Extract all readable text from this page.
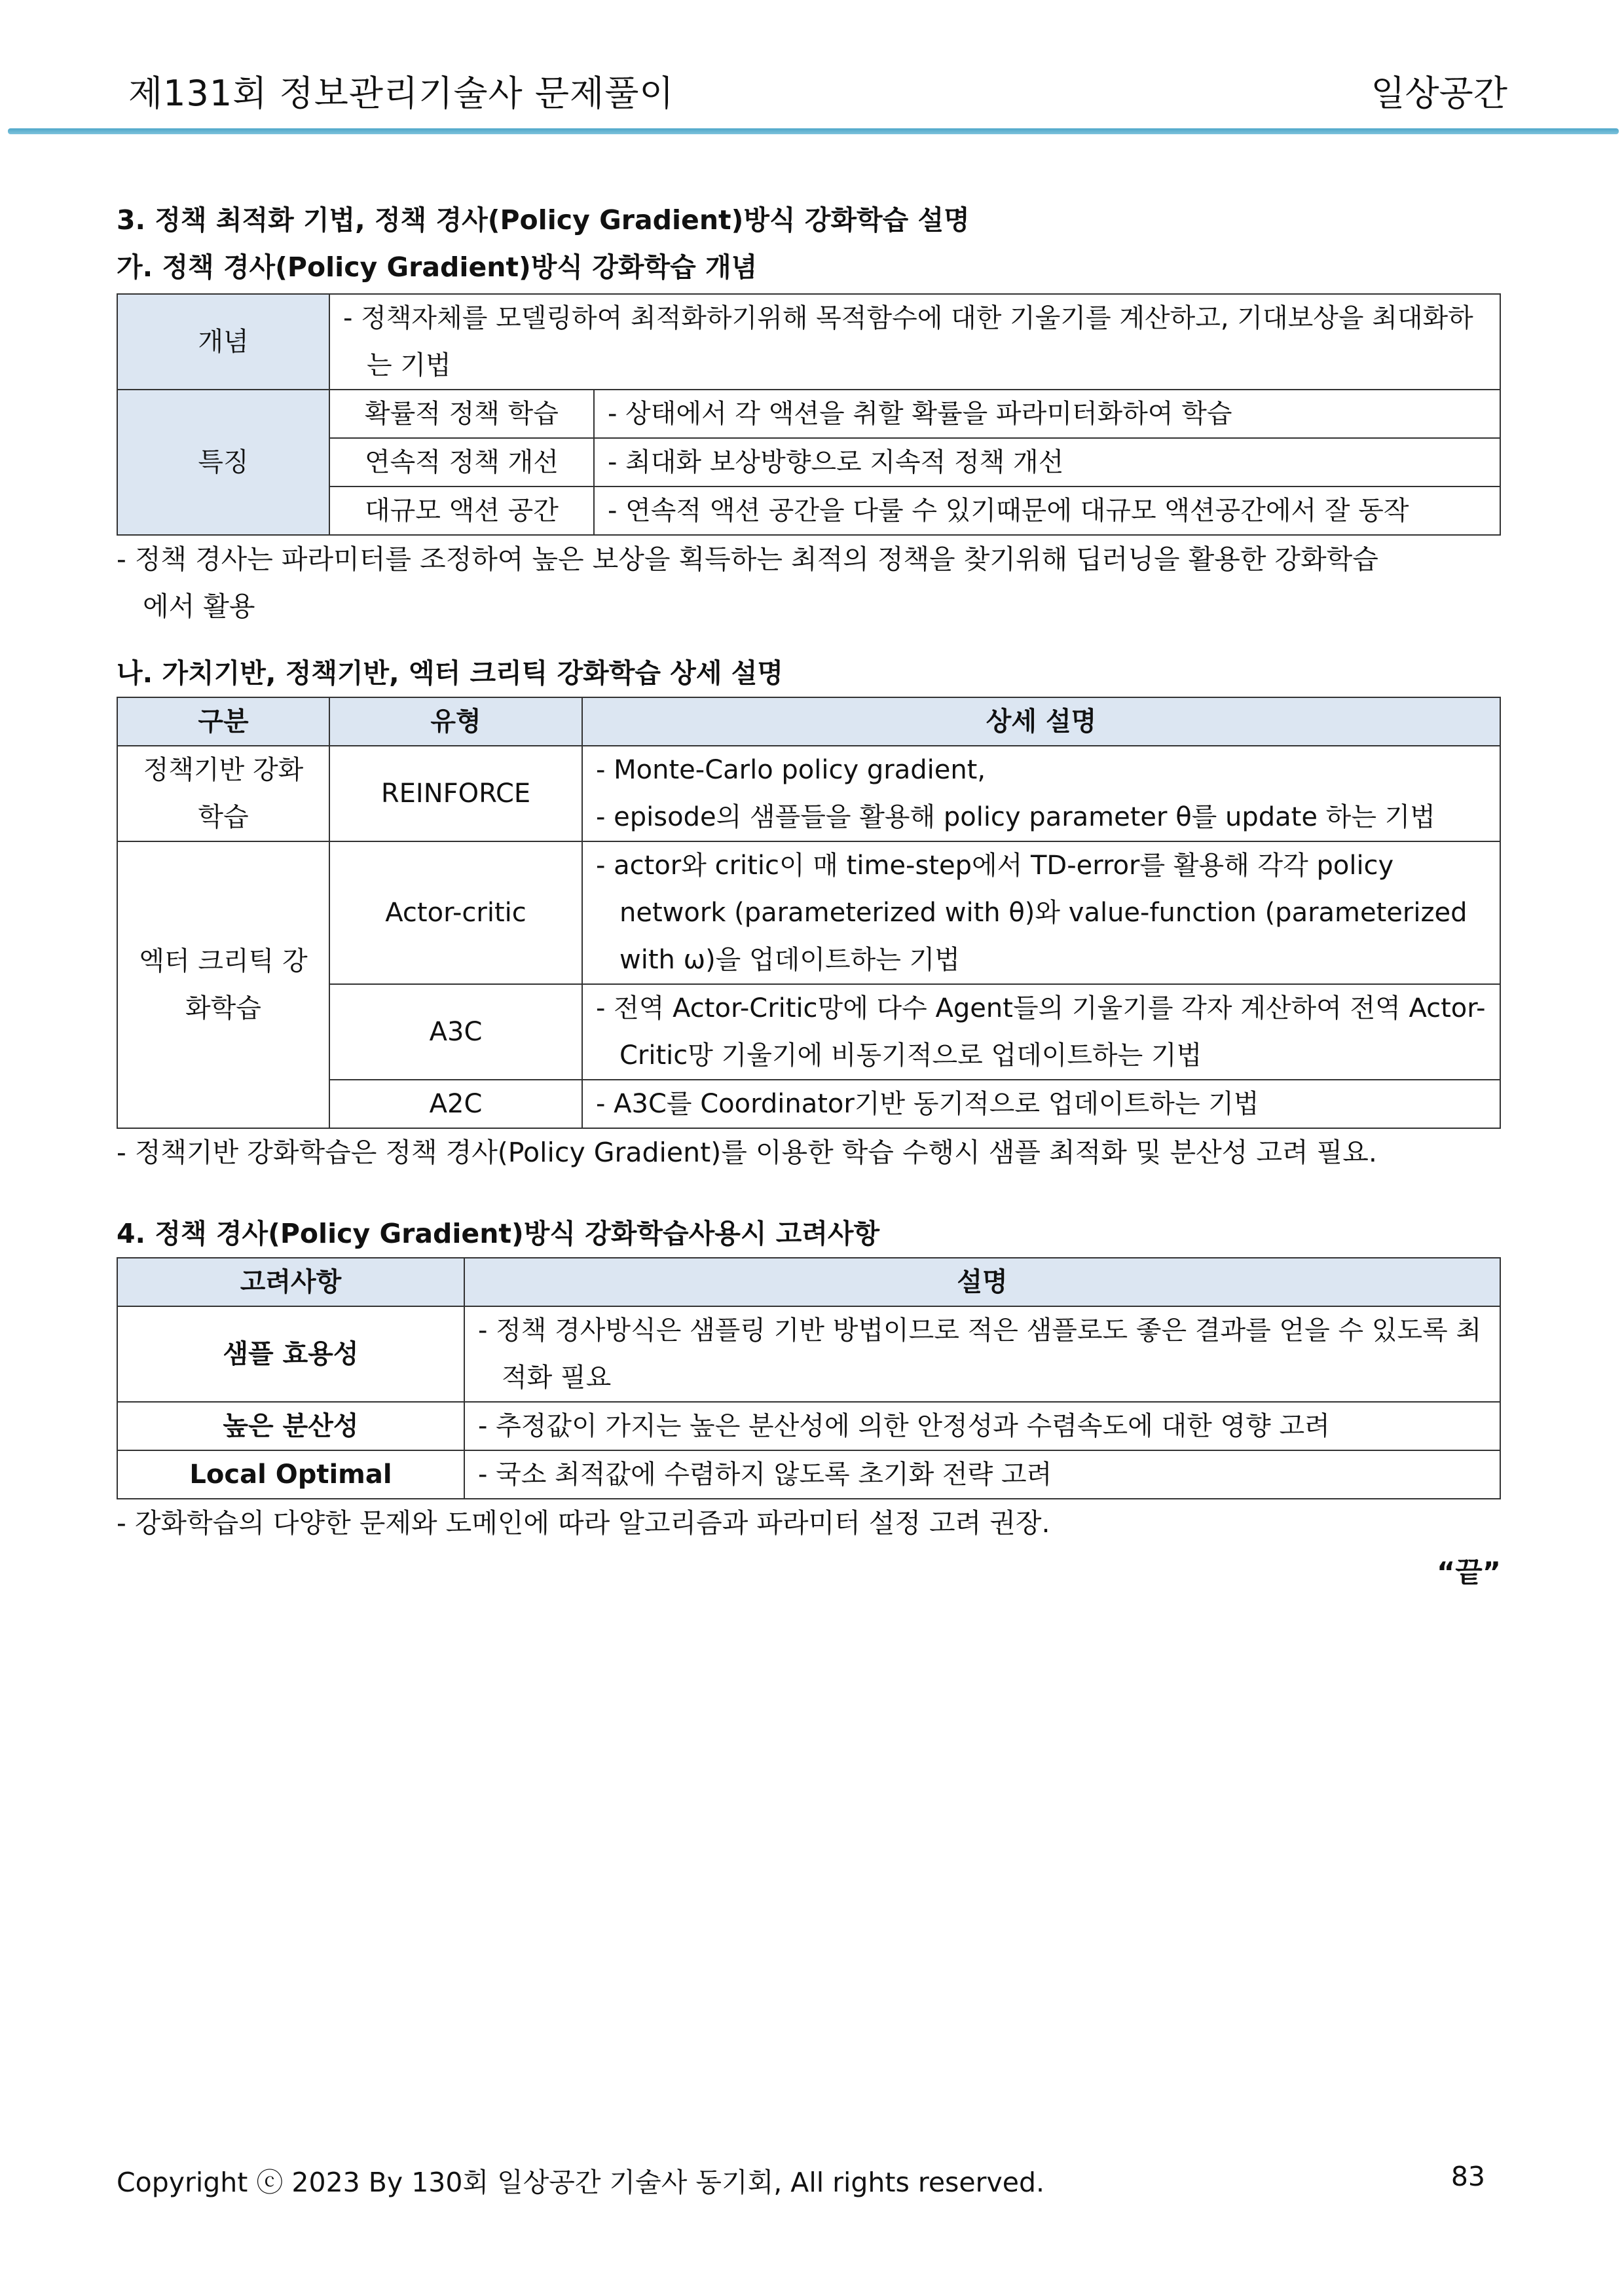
제131회 정보관리기술사 문제풀이	일상공간
3. 정책 최적화 기법, 정책 경사(Policy Gradient)방식 강화학습 설명
가. 정책 경사(Policy Gradient)방식 강화학습 개념
개념	- 정책자체를 모델링하여 최적화하기위해 목적함수에 대한 기울기를 계산하고, 기대보상을 최대화하는 기법	

특징	확률적 정책 학습	- 상태에서 각 액션을 취할 확률을 파라미터화하여 학습
	연속적 정책 개선	- 최대화 보상방향으로 지속적 정책 개선
	대규모 액션 공간	- 연속적 액션 공간을 다룰 수 있기때문에 대규모 액션공간에서 잘 동작
- 정책 경사는 파라미터를 조정하여 높은 보상을 획득하는 최적의 정책을 찾기위해 딥러닝을 활용한 강화학습
에서 활용
나. 가치기반, 정책기반, 엑터 크리틱 강화학습 상세 설명
구분	유형	상세 설명
정책기반 강화학습	REINFORCE	- Monte-Carlo policy gradient,
- episode의 샘플들을 활용해 policy parameter θ를 update 하는 기법

엑터 크리틱 강화학습	Actor-critic	- actor와 critic이 매 time-step에서 TD-error를 활용해 각각 policy network (parameterized with θ)와 value-function (parameterized with ω)을 업데이트하는 기법

	A3C	- 전역 Actor-Critic망에 다수 Agent들의 기울기를 각자 계산하여 전역 Actor-Critic망 기울기에 비동기적으로 업데이트하는 기법

	A2C	- A3C를 Coordinator기반 동기적으로 업데이트하는 기법
- 정책기반 강화학습은 정책 경사(Policy Gradient)를 이용한 학습 수행시 샘플 최적화 및 분산성 고려 필요.
4. 정책 경사(Policy Gradient)방식 강화학습사용시 고려사항
고려사항	설명
샘플 효용성	- 정책 경사방식은 샘플링 기반 방법이므로 적은 샘플로도 좋은 결과를 얻을 수 있도록 최적화 필요

높은 분산성	- 추정값이 가지는 높은 분산성에 의한 안정성과 수렴속도에 대한 영향 고려
Local Optimal	- 국소 최적값에 수렴하지 않도록 초기화 전략 고려
- 강화학습의 다양한 문제와 도메인에 따라 알고리즘과 파라미터 설정 고려 권장.
“끝”
Copyright ⓒ 2023 By 130회 일상공간 기술사 동기회, All rights reserved.	83
